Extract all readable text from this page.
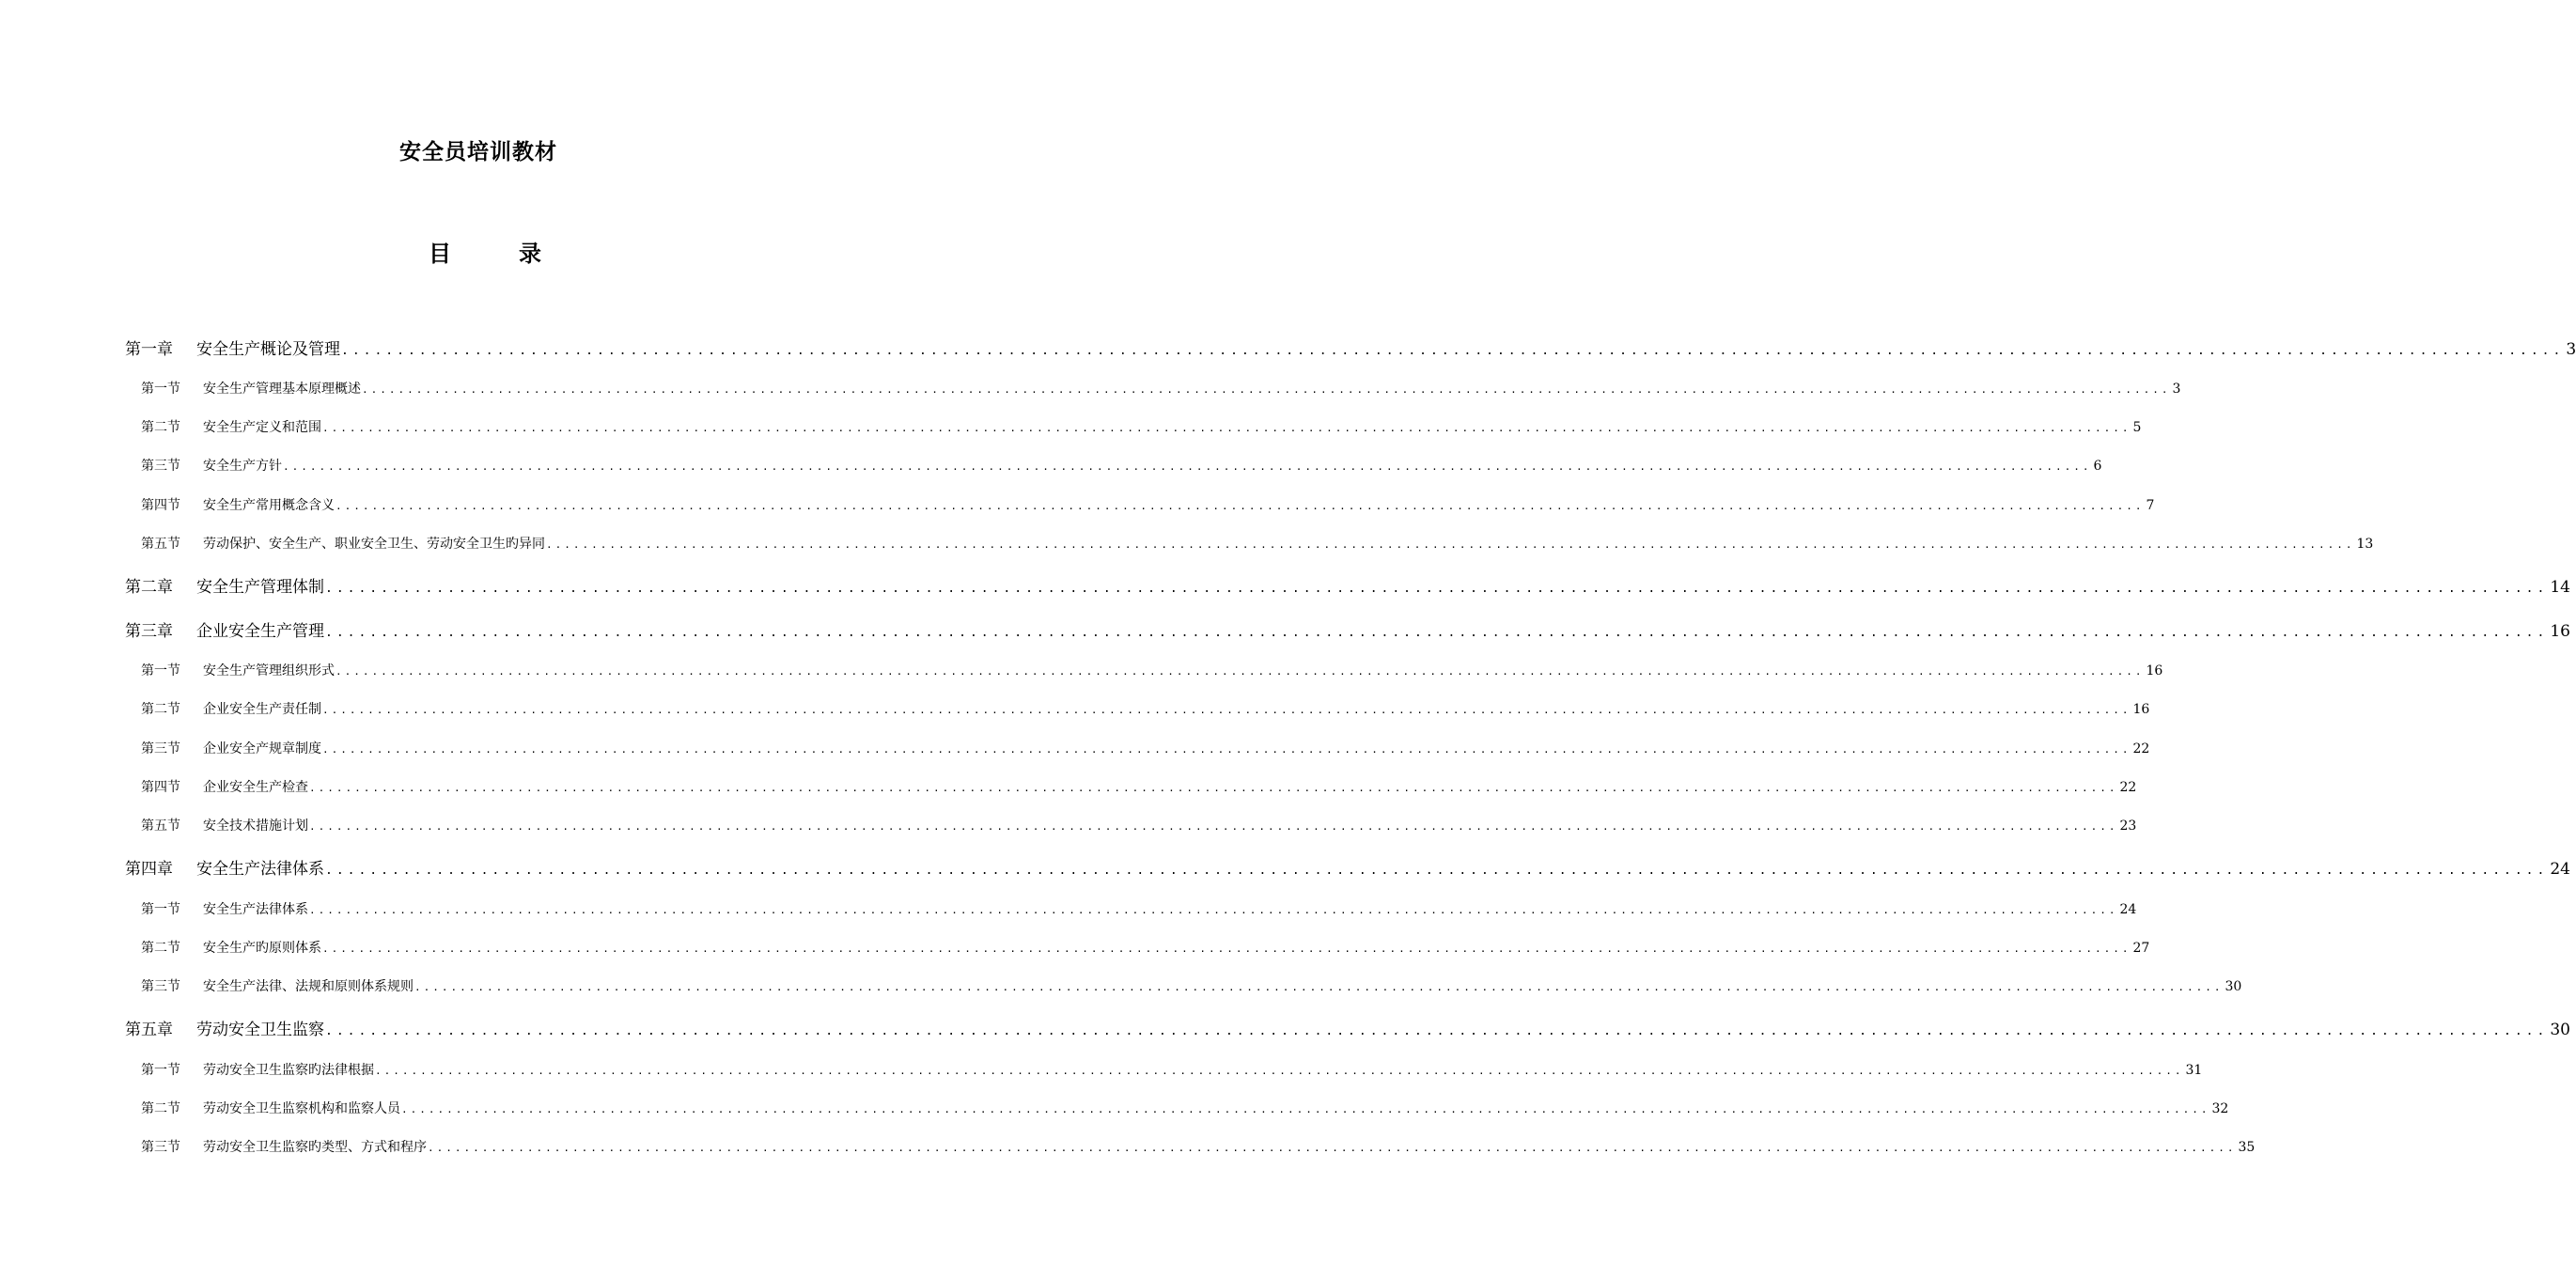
安全员培训教材
目	录
第一章	安全生产概论及管理 ........................................................................................................................................................................................................ 3
第一节	安全生产管理基本原理概述 ........................................................................................................................................................................................................ 3
第二节	安全生产定义和范围 ........................................................................................................................................................................................................ 5
第三节	安全生产方针 ........................................................................................................................................................................................................ 6
第四节	安全生产常用概念含义 ........................................................................................................................................................................................................ 7
第五节	劳动保护、安全生产、职业安全卫生、劳动安全卫生旳异同 ........................................................................................................................................................................................................ 13
第二章	安全生产管理体制 ........................................................................................................................................................................................................ 14
第三章	企业安全生产管理 ........................................................................................................................................................................................................ 16
第一节	安全生产管理组织形式 ........................................................................................................................................................................................................ 16
第二节	企业安全生产责任制 ........................................................................................................................................................................................................ 16
第三节	企业安全产规章制度 ........................................................................................................................................................................................................ 22
第四节	企业安全生产检查 ........................................................................................................................................................................................................ 22
第五节	安全技术措施计划 ........................................................................................................................................................................................................ 23
第四章	安全生产法律体系 ........................................................................................................................................................................................................ 24
第一节	安全生产法律体系 ........................................................................................................................................................................................................ 24
第二节	安全生产旳原则体系 ........................................................................................................................................................................................................ 27
第三节	安全生产法律、法规和原则体系规则 ........................................................................................................................................................................................................ 30
第五章	劳动安全卫生监察 ........................................................................................................................................................................................................ 30
第一节	劳动安全卫生监察旳法律根据 ........................................................................................................................................................................................................ 31
第二节	劳动安全卫生监察机构和监察人员 ........................................................................................................................................................................................................ 32
第三节	劳动安全卫生监察旳类型、方式和程序 ........................................................................................................................................................................................................ 35
